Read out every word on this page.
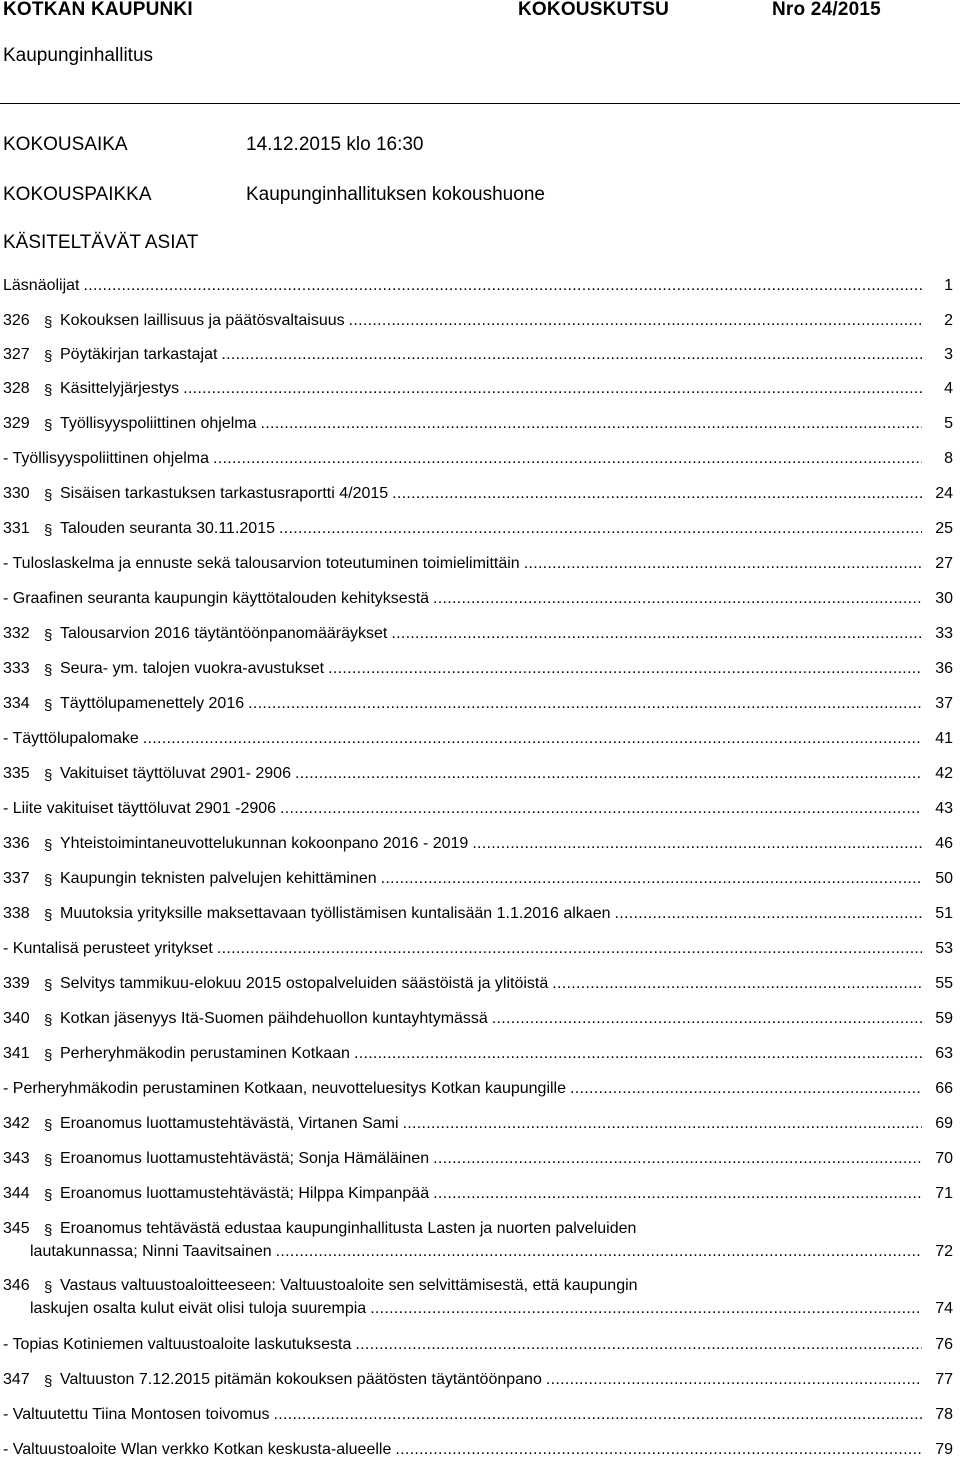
KOTKAN KAUPUNKI	KOKOUSKUTSU	Nro 24/2015
Kaupunginhallitus
KOKOUSAIKA	14.12.2015 klo 16:30
KOKOUSPAIKKA	Kaupunginhallituksen kokoushuone
KÄSITELTÄVÄT ASIAT
Läsnäolijat .....	1
326 § Kokouksen laillisuus ja päätösvaltaisuus .....	2
327 § Pöytäkirjan tarkastajat .....	3
328 § Käsittelyjärjestys .....	4
329 § Työllisyyspoliittinen ohjelma .....	5
- Työllisyyspoliittinen ohjelma .....	8
330 § Sisäisen tarkastuksen tarkastusraportti 4/2015 .....	24
331 § Talouden seuranta 30.11.2015 .....	25
- Tuloslaskelma ja ennuste sekä talousarvion toteutuminen toimielimittäin .....	27
- Graafinen seuranta kaupungin käyttötalouden kehityksestä .....	30
332 § Talousarvion 2016 täytäntöönpanomääräykset .....	33
333 § Seura- ym. talojen vuokra-avustukset .....	36
334 § Täyttölupamenettely 2016 .....	37
- Täyttölupalomake .....	41
335 § Vakituiset täyttöluvat 2901- 2906 .....	42
- Liite vakituiset täyttöluvat 2901 -2906 .....	43
336 § Yhteistoimintaneuvottelukunnan kokoonpano 2016 - 2019 .....	46
337 § Kaupungin teknisten palvelujen kehittäminen .....	50
338 § Muutoksia yrityksille maksettavaan työllistämisen kuntalisään 1.1.2016 alkaen .....	51
- Kuntalisä perusteet yritykset .....	53
339 § Selvitys tammikuu-elokuu 2015 ostopalveluiden säästöistä ja ylitöistä .....	55
340 § Kotkan jäsenyys Itä-Suomen päihdehuollon kuntayhtymässä .....	59
341 § Perheryhmäkodin perustaminen Kotkaan .....	63
- Perheryhmäkodin perustaminen Kotkaan, neuvotteluesitys Kotkan kaupungille .....	66
342 § Eroanomus luottamustehtävästä, Virtanen Sami .....	69
343 § Eroanomus luottamustehtävästä; Sonja Hämäläinen .....	70
344 § Eroanomus luottamustehtävästä; Hilppa Kimpanpää .....	71
345 § Eroanomus tehtävästä edustaa kaupunginhallitusta Lasten ja nuorten palveluiden
lautakunnassa; Ninni Taavitsainen .....	72
346 § Vastaus valtuustoaloitteeseen: Valtuustoaloite sen selvittämisestä, että kaupungin
laskujen osalta kulut eivät olisi tuloja suurempia .....	74
- Topias Kotiniemen valtuustoaloite laskutuksesta .....	76
347 § Valtuuston 7.12.2015 pitämän kokouksen päätösten täytäntöönpano .....	77
- Valtuutettu Tiina Montosen toivomus .....	78
- Valtuustoaloite Wlan verkko Kotkan keskusta-alueelle .....	79
